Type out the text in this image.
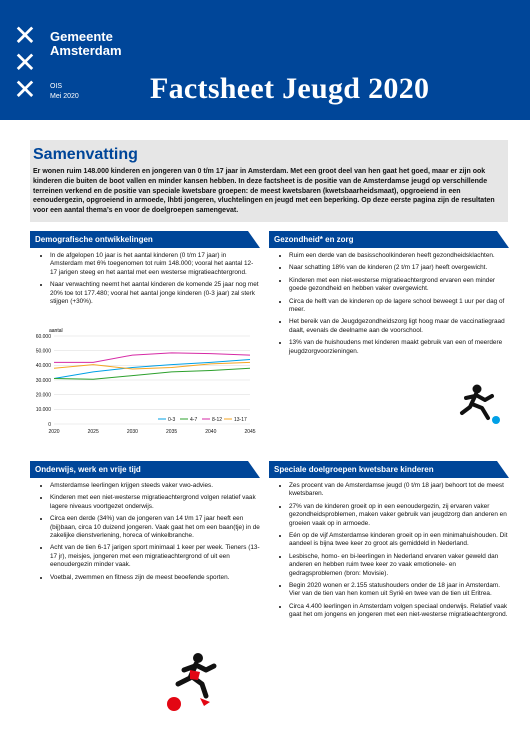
✕
✕
✕
Gemeente
Amsterdam
OIS
Mei 2020 Factsheet Jeugd 2020
Samenvatting

Er wonen ruim 148.000 kinderen en jongeren van 0 t/m 17 jaar in Amsterdam. Met een groot deel van hen gaat het goed, maar er zijn ook kinderen die buiten de boot vallen en minder kansen hebben. In deze factsheet is de positie van de Amsterdamse jeugd op verschillende terreinen verkend en de positie van speciale kwetsbare groepen: de meest kwetsbaren (kwetsbaarheidsmaat), opgroeiend in een eenoudergezin, opgroeiend in armoede, lhbti jongeren, vluchtelingen en jeugd met een beperking. Op deze eerste pagina zijn de resultaten voor een aantal thema’s en voor de doelgroepen samengevat.

Demografische ontwikkelingen
• In de afgelopen 10 jaar is het aantal kinderen (0 t/m 17 jaar) in Amsterdam met 6% toegenomen tot ruim 148.000; vooral het aantal 12-17 jarigen steeg en het aantal met een westerse migratieachtergrond.
• Naar verwachting neemt het aantal kinderen de komende 25 jaar nog met 20% toe tot 177.480; vooral het aantal jonge kinderen (0-3 jaar) zal sterk stijgen (+30%).
aantal
0
10.000
20.000
30.000
40.000
50.000
60.000
2020	2025	2030	2035	2040	2045
0-3	4-7	8-12 13-17
Gezondheid* en zorg
• Ruim een derde van de basisschoolkinderen heeft gezondheidsklachten.
• Naar schatting 18% van de kinderen (2 t/m 17 jaar) heeft overgewicht.
• Kinderen met een niet-westerse migratieachtergrond ervaren een minder goede gezondheid en hebben vaker overgewicht.
• Circa de helft van de kinderen op de lagere school beweegt 1 uur per dag of meer.
• Het bereik van de Jeugdgezondheidszorg ligt hoog maar de vaccinatiegraad daalt, evenals de deelname aan de voorschool.
• 13% van de huishoudens met kinderen maakt gebruik van een of meerdere jeugdzorgvoorzieningen.
Onderwijs, werk en vrije tijd
• Amsterdamse leerlingen krijgen steeds vaker vwo-advies.
• Kinderen met een niet-westerse migratieachtergrond volgen relatief vaak lagere niveaus voortgezet onderwijs.
• Circa een derde (34%) van de jongeren van 14 t/m 17 jaar heeft een (bij)baan, circa 10 duizend jongeren. Vaak gaat het om een baan(tje) in de zakelijke dienstverlening, horeca of winkelbranche.
• Acht van de tien 6-17 jarigen sport minimaal 1 keer per week. Tieners (13-17 jr), meisjes, jongeren met een migratieachtergrond of uit een eenoudergezin minder vaak.
• Voetbal, zwemmen en fitness zijn de meest beoefende sporten.
Speciale doelgroepen kwetsbare kinderen
• Zes procent van de Amsterdamse jeugd (0 t/m 18 jaar) behoort tot de meest kwetsbaren.
• 27% van de kinderen groeit op in een eenoudergezin, zij ervaren vaker gezondheidsproblemen, maken vaker gebruik van jeugdzorg dan anderen en groeien vaak op in armoede.
• Eén op de vijf Amsterdamse kinderen groeit op in een minimahuishouden. Dit aandeel is bijna twee keer zo groot als gemiddeld in Nederland.
• Lesbische, homo- en bi-leerlingen in Nederland ervaren vaker geweld dan anderen en hebben ruim twee keer zo vaak emotionele- en gedragsproblemen (bron: Movisie).
• Begin 2020 wonen er 2.155 statushouders onder de 18 jaar in Amsterdam. Vier van de tien van hen komen uit Syrië en twee van de tien uit Eritrea.
• Circa 4.400 leerlingen in Amsterdam volgen speciaal onderwijs. Relatief vaak gaat het om jongens en jongeren met een niet-westerse migratieachtergrond.
